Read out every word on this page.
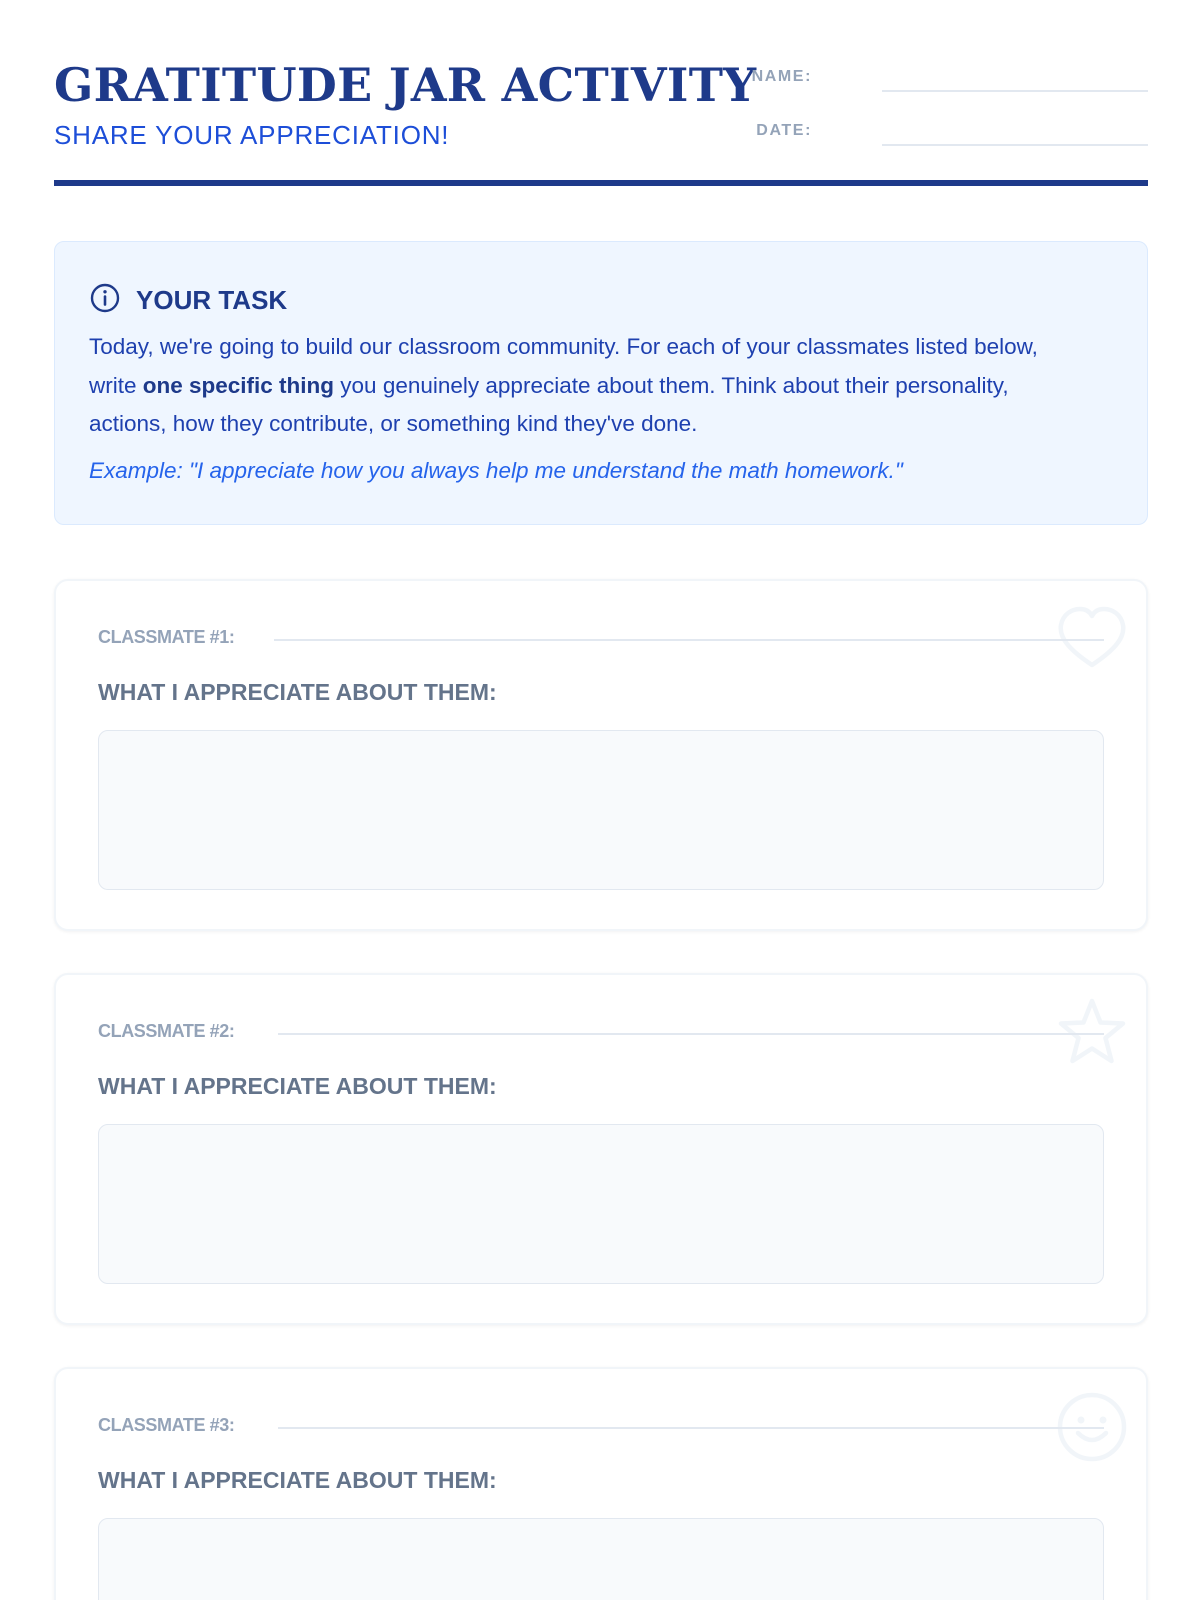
GRATITUDE JAR ACTIVITY
SHARE YOUR APPRECIATION!
NAME:
DATE:
YOUR TASK

Today, we're going to build our classroom community. For each of your classmates listed below, write one specific thing you genuinely appreciate about them. Think about their personality, actions, how they contribute, or something kind they've done.

Example: "I appreciate how you always help me understand the math homework."
CLASSMATE #1:
WHAT I APPRECIATE ABOUT THEM:
CLASSMATE #2:
WHAT I APPRECIATE ABOUT THEM:
CLASSMATE #3:
WHAT I APPRECIATE ABOUT THEM:
